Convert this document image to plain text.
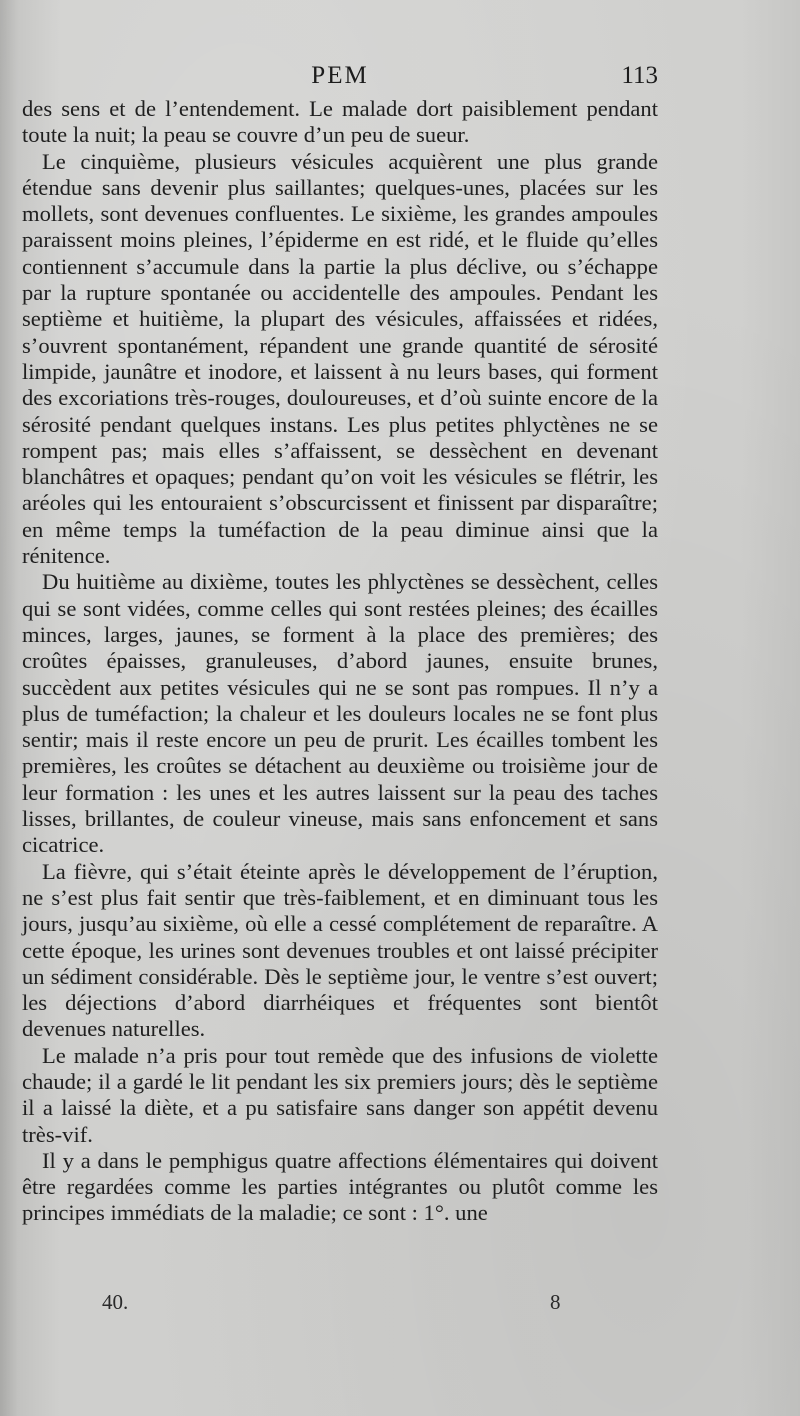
PEM	113

des sens et de l’entendement. Le malade dort paisiblement pendant toute la nuit; la peau se couvre d’un peu de sueur.

Le cinquième, plusieurs vésicules acquièrent une plus grande étendue sans devenir plus saillantes; quelques-unes, placées sur les mollets, sont devenues confluentes. Le sixième, les grandes ampoules paraissent moins pleines, l’épiderme en est ridé, et le fluide qu’elles contiennent s’accumule dans la partie la plus déclive, ou s’échappe par la rupture spontanée ou accidentelle des ampoules. Pendant les septième et huitième, la plupart des vésicules, affaissées et ridées, s’ouvrent spontanément, répandent une grande quantité de sérosité limpide, jaunâtre et inodore, et laissent à nu leurs bases, qui forment des excoriations très-rouges, douloureuses, et d’où suinte encore de la sérosité pendant quelques instans. Les plus petites phlyctènes ne se rompent pas; mais elles s’affaissent, se dessèchent en devenant blanchâtres et opaques; pendant qu’on voit les vésicules se flétrir, les aréoles qui les entouraient s’obscurcissent et finissent par disparaître; en même temps la tuméfaction de la peau diminue ainsi que la rénitence.

Du huitième au dixième, toutes les phlyctènes se dessèchent, celles qui se sont vidées, comme celles qui sont restées pleines; des écailles minces, larges, jaunes, se forment à la place des premières; des croûtes épaisses, granuleuses, d’abord jaunes, ensuite brunes, succèdent aux petites vésicules qui ne se sont pas rompues. Il n’y a plus de tuméfaction; la chaleur et les douleurs locales ne se font plus sentir; mais il reste encore un peu de prurit. Les écailles tombent les premières, les croûtes se détachent au deuxième ou troisième jour de leur formation : les unes et les autres laissent sur la peau des taches lisses, brillantes, de couleur vineuse, mais sans enfoncement et sans cicatrice.

La fièvre, qui s’était éteinte après le développement de l’éruption, ne s’est plus fait sentir que très-faiblement, et en diminuant tous les jours, jusqu’au sixième, où elle a cessé complétement de reparaître. A cette époque, les urines sont devenues troubles et ont laissé précipiter un sédiment considérable. Dès le septième jour, le ventre s’est ouvert; les déjections d’abord diarrhéiques et fréquentes sont bientôt devenues naturelles.

Le malade n’a pris pour tout remède que des infusions de violette chaude; il a gardé le lit pendant les six premiers jours; dès le septième il a laissé la diète, et a pu satisfaire sans danger son appétit devenu très-vif.

Il y a dans le pemphigus quatre affections élémentaires qui doivent être regardées comme les parties intégrantes ou plutôt comme les principes immédiats de la maladie; ce sont : 1°. une

40.	8
